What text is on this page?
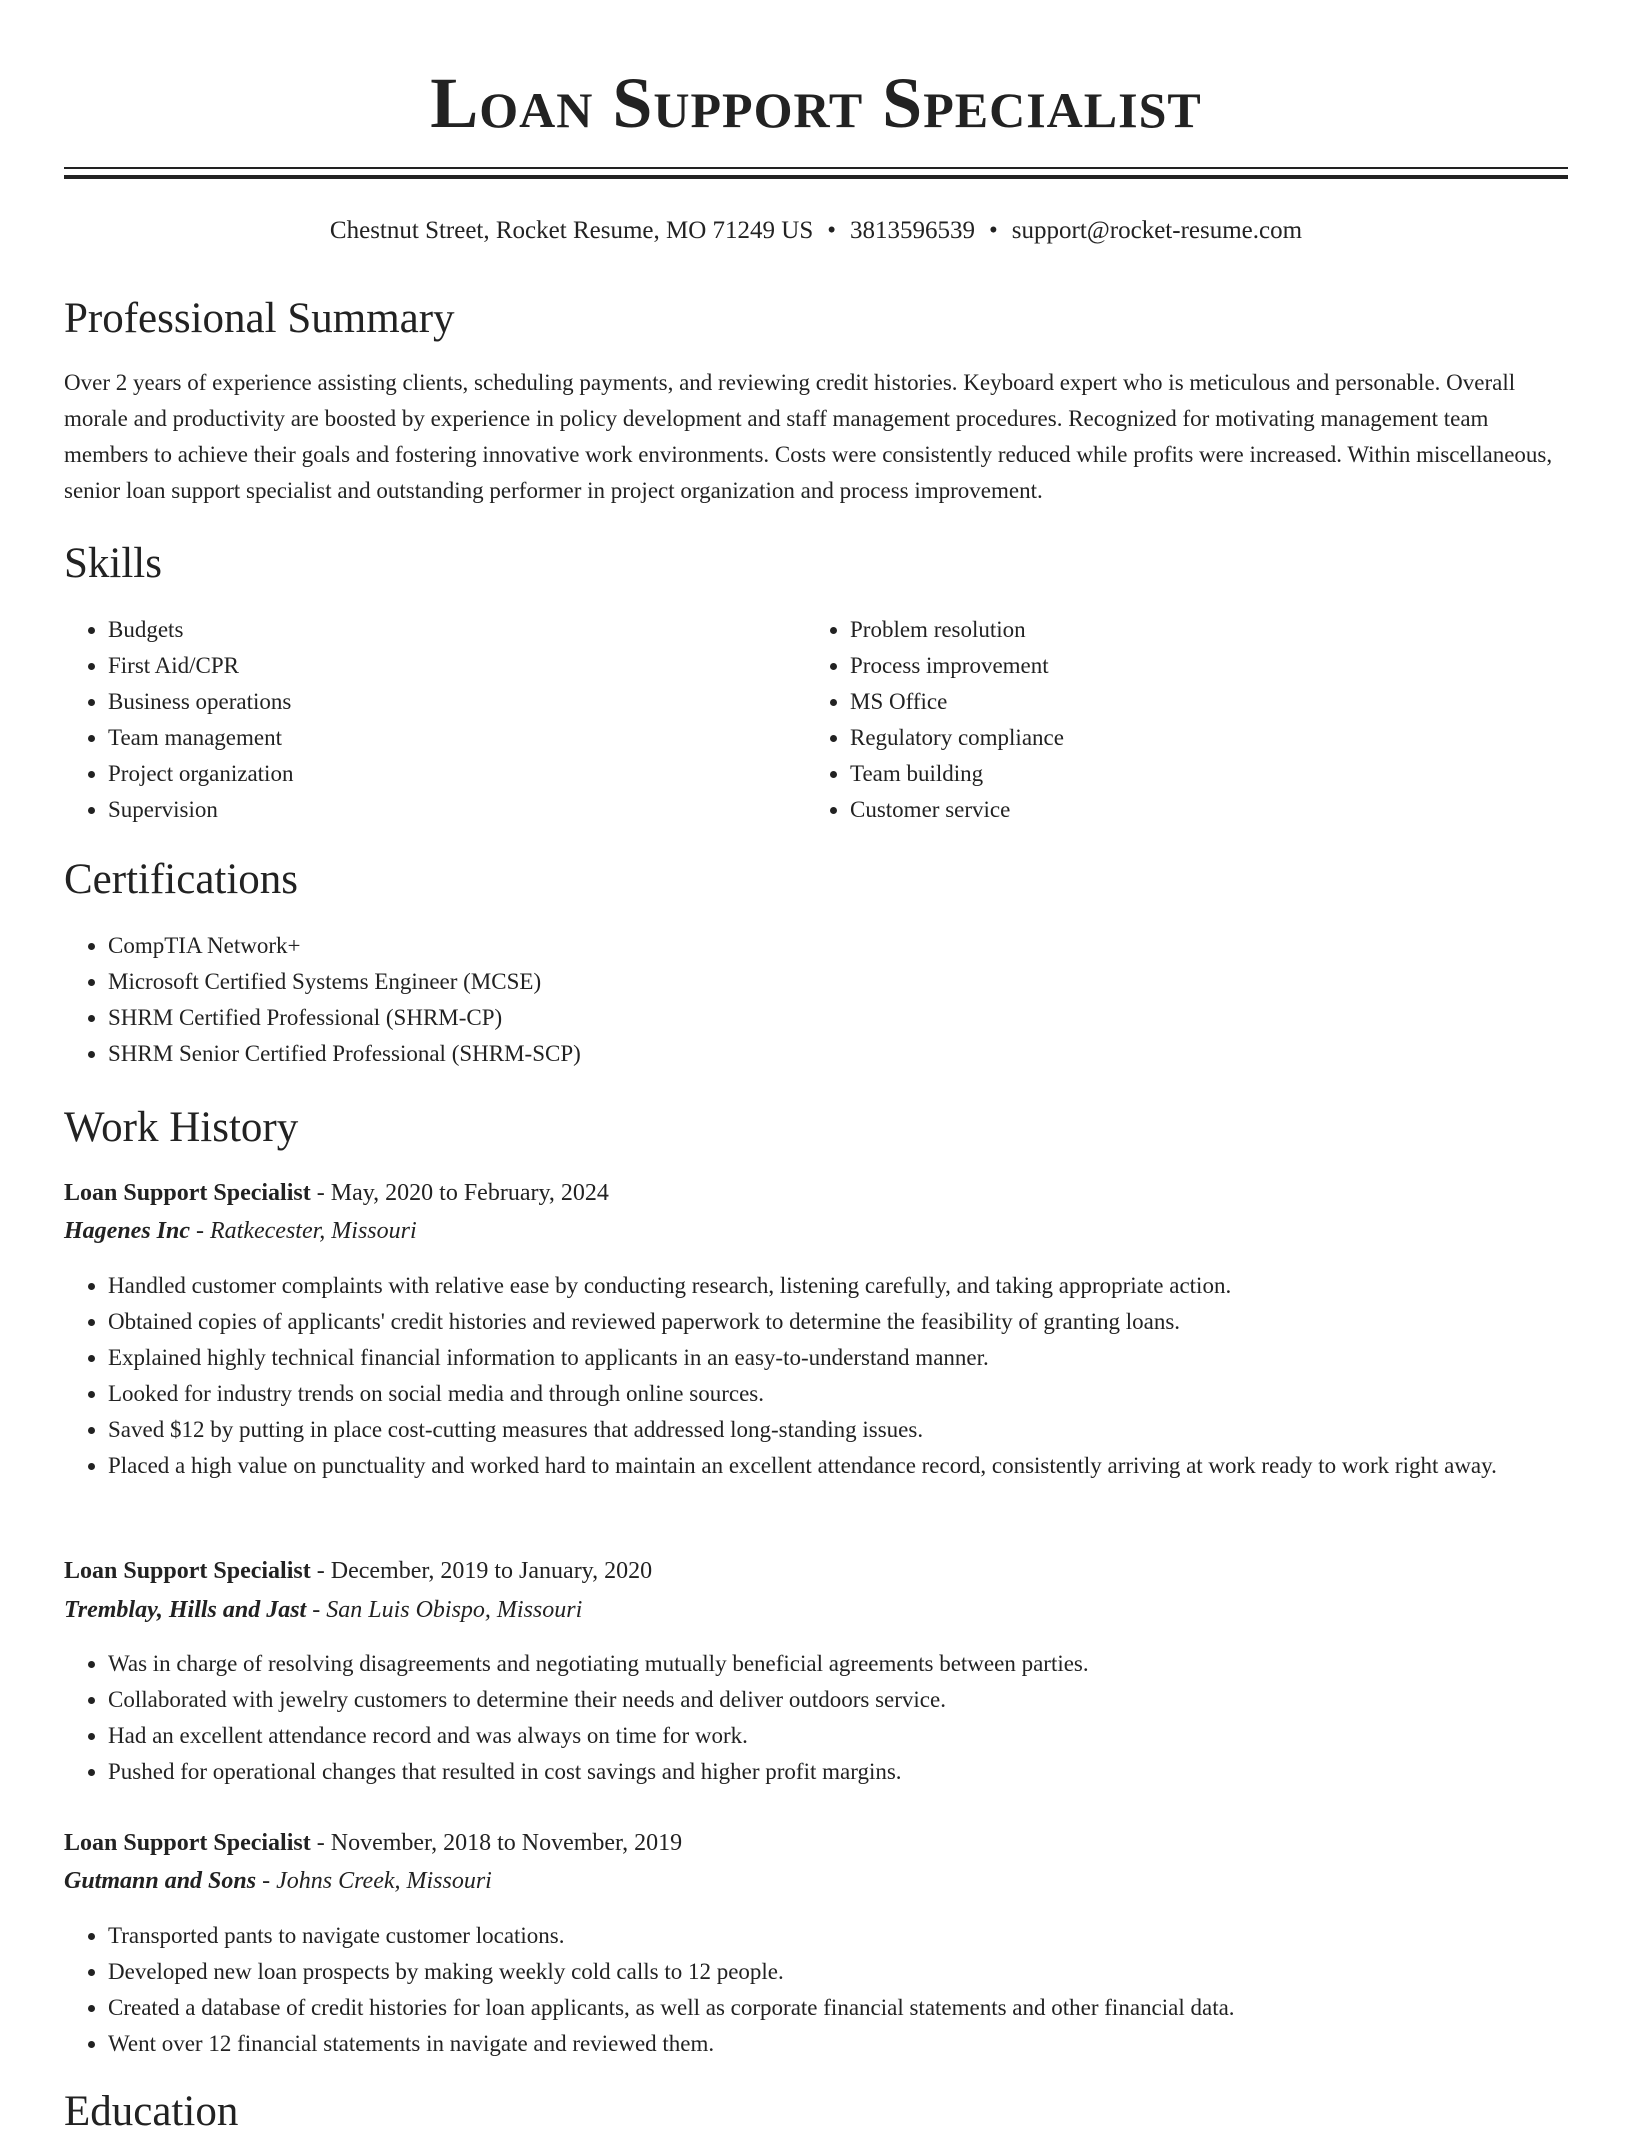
Loan Support Specialist
Chestnut Street, Rocket Resume, MO 71249 US • 3813596539 • support@rocket-resume.com
Professional Summary

Over 2 years of experience assisting clients, scheduling payments, and reviewing credit histories. Keyboard expert who is meticulous and personable. Overall morale and productivity are boosted by experience in policy development and staff management procedures. Recognized for motivating management team members to achieve their goals and fostering innovative work environments. Costs were consistently reduced while profits were increased. Within miscellaneous, senior loan support specialist and outstanding performer in project organization and process improvement.

Skills
• Budgets
• First Aid/CPR
• Business operations
• Team management
• Project organization
• Supervision
• Problem resolution
• Process improvement
• MS Office
• Regulatory compliance
• Team building
• Customer service
Certifications
• CompTIA Network+
• Microsoft Certified Systems Engineer (MCSE)
• SHRM Certified Professional (SHRM-CP)
• SHRM Senior Certified Professional (SHRM-SCP)
Work History
Loan Support Specialist - May, 2020 to February, 2024
Hagenes Inc - Ratkecester, Missouri
• Handled customer complaints with relative ease by conducting research, listening carefully, and taking appropriate action.
• Obtained copies of applicants' credit histories and reviewed paperwork to determine the feasibility of granting loans.
• Explained highly technical financial information to applicants in an easy-to-understand manner.
• Looked for industry trends on social media and through online sources.
• Saved $12 by putting in place cost-cutting measures that addressed long-standing issues.
• Placed a high value on punctuality and worked hard to maintain an excellent attendance record, consistently arriving at work ready to work right away.
Loan Support Specialist - December, 2019 to January, 2020
Tremblay, Hills and Jast - San Luis Obispo, Missouri
• Was in charge of resolving disagreements and negotiating mutually beneficial agreements between parties.
• Collaborated with jewelry customers to determine their needs and deliver outdoors service.
• Had an excellent attendance record and was always on time for work.
• Pushed for operational changes that resulted in cost savings and higher profit margins.
Loan Support Specialist - November, 2018 to November, 2019
Gutmann and Sons - Johns Creek, Missouri
• Transported pants to navigate customer locations.
• Developed new loan prospects by making weekly cold calls to 12 people.
• Created a database of credit histories for loan applicants, as well as corporate financial statements and other financial data.
• Went over 12 financial statements in navigate and reviewed them.
Education
